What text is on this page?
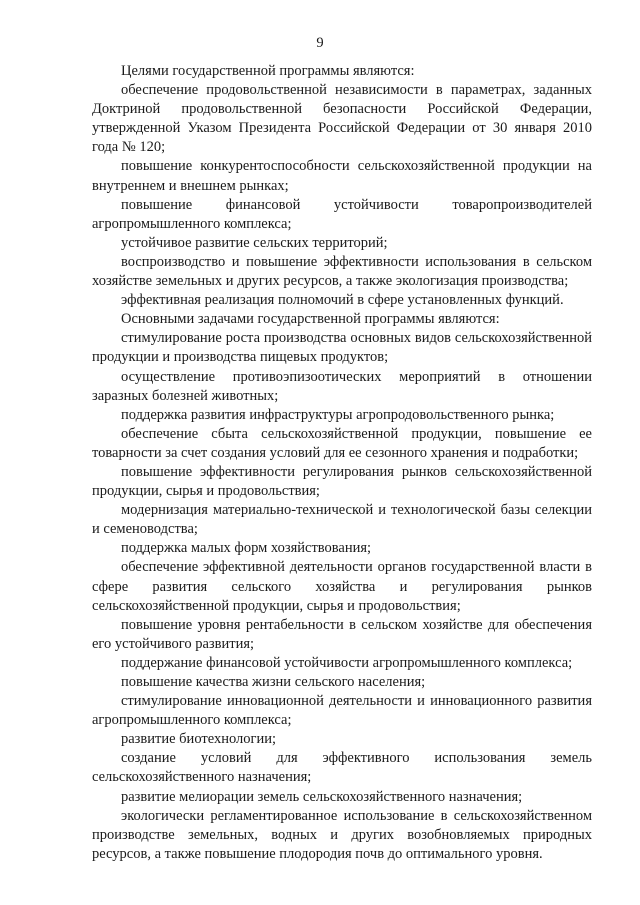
9

Целями государственной программы являются:

обеспечение продовольственной независимости в параметрах, заданных Доктриной продовольственной безопасности Российской Федерации, утвержденной Указом Президента Российской Федерации от 30 января 2010 года № 120;

повышение конкурентоспособности сельскохозяйственной продукции на внутреннем и внешнем рынках;

повышение финансовой устойчивости товаропроизводителей агропромышленного комплекса;

устойчивое развитие сельских территорий;

воспроизводство и повышение эффективности использования в сельском хозяйстве земельных и других ресурсов, а также экологизация производства;

эффективная реализация полномочий в сфере установленных функций.

Основными задачами государственной программы являются:

стимулирование роста производства основных видов сельскохозяйственной продукции и производства пищевых продуктов;

осуществление противоэпизоотических мероприятий в отношении заразных болезней животных;

поддержка развития инфраструктуры агропродовольственного рынка;

обеспечение сбыта сельскохозяйственной продукции, повышение ее товарности за счет создания условий для ее сезонного хранения и подработки;

повышение эффективности регулирования рынков сельскохозяйственной продукции, сырья и продовольствия;

модернизация материально-технической и технологической базы селекции и семеноводства;

поддержка малых форм хозяйствования;

обеспечение эффективной деятельности органов государственной власти в сфере развития сельского хозяйства и регулирования рынков сельскохозяйственной продукции, сырья и продовольствия;

повышение уровня рентабельности в сельском хозяйстве для обеспечения его устойчивого развития;

поддержание финансовой устойчивости агропромышленного комплекса;

повышение качества жизни сельского населения;

стимулирование инновационной деятельности и инновационного развития агропромышленного комплекса;

развитие биотехнологии;

создание условий для эффективного использования земель сельскохозяйственного назначения;

развитие мелиорации земель сельскохозяйственного назначения;

экологически регламентированное использование в сельскохозяйственном производстве земельных, водных и других возобновляемых природных ресурсов, а также повышение плодородия почв до оптимального уровня.
